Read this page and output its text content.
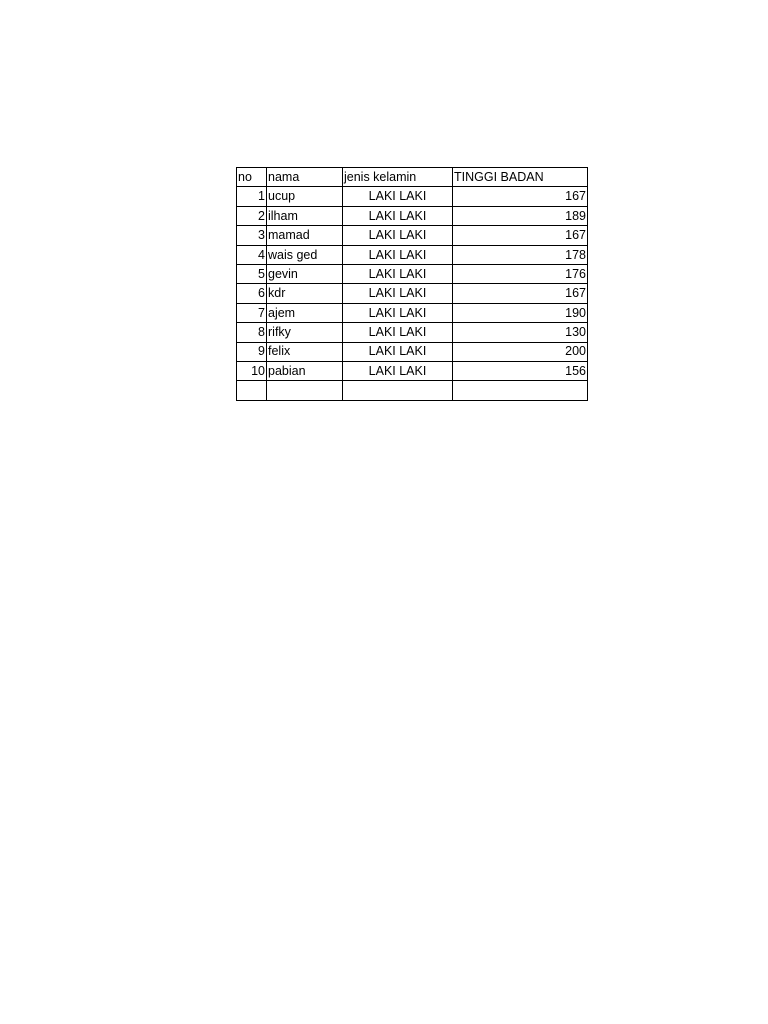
no	nama	jenis kelamin	TINGGI BADAN
1	ucup	LAKI LAKI	167
2	ilham	LAKI LAKI	189
3	mamad	LAKI LAKI	167
4	wais ged	LAKI LAKI	178
5	gevin	LAKI LAKI	176
6	kdr	LAKI LAKI	167
7	ajem	LAKI LAKI	190
8	rifky	LAKI LAKI	130
9	felix	LAKI LAKI	200
10	pabian	LAKI LAKI	156
